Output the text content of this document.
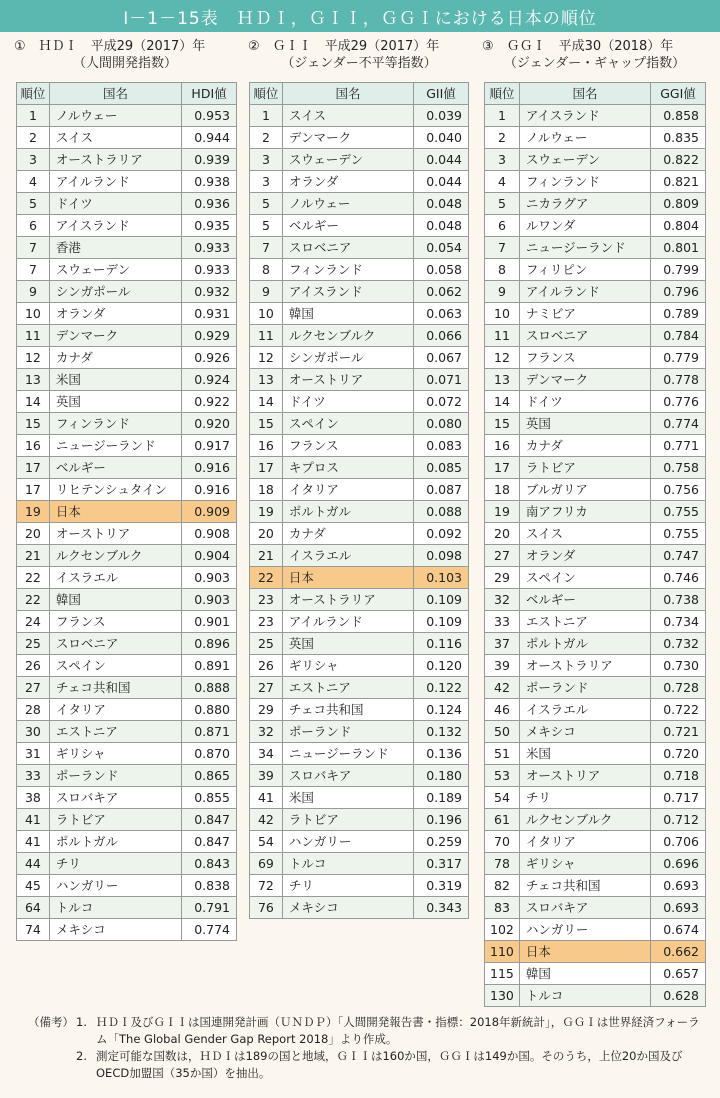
Ⅰ－1－15表　ＨＤＩ，ＧＩＩ，ＧＧＩにおける日本の順位
①　ＨＤＩ　平成29（2017）年
（人間開発指数）
順位	国名	HDI値
1	ノルウェー	0.953
2	スイス	0.944
3	オーストラリア	0.939
4	アイルランド	0.938
5	ドイツ	0.936
6	アイスランド	0.935
7	香港	0.933
7	スウェーデン	0.933
9	シンガポール	0.932
10	オランダ	0.931
11	デンマーク	0.929
12	カナダ	0.926
13	米国	0.924
14	英国	0.922
15	フィンランド	0.920
16	ニュージーランド	0.917
17	ベルギー	0.916
17	リヒテンシュタイン	0.916
19	日本	0.909
20	オーストリア	0.908
21	ルクセンブルク	0.904
22	イスラエル	0.903
22	韓国	0.903
24	フランス	0.901
25	スロベニア	0.896
26	スペイン	0.891
27	チェコ共和国	0.888
28	イタリア	0.880
30	エストニア	0.871
31	ギリシャ	0.870
33	ポーランド	0.865
38	スロバキア	0.855
41	ラトビア	0.847
41	ポルトガル	0.847
44	チリ	0.843
45	ハンガリー	0.838
64	トルコ	0.791
74	メキシコ	0.774
②　ＧＩＩ　平成29（2017）年
（ジェンダー不平等指数）
順位	国名	GII値
1	スイス	0.039
2	デンマーク	0.040
3	スウェーデン	0.044
3	オランダ	0.044
5	ノルウェー	0.048
5	ベルギー	0.048
7	スロベニア	0.054
8	フィンランド	0.058
9	アイスランド	0.062
10	韓国	0.063
11	ルクセンブルク	0.066
12	シンガポール	0.067
13	オーストリア	0.071
14	ドイツ	0.072
15	スペイン	0.080
16	フランス	0.083
17	キプロス	0.085
18	イタリア	0.087
19	ポルトガル	0.088
20	カナダ	0.092
21	イスラエル	0.098
22	日本	0.103
23	オーストラリア	0.109
23	アイルランド	0.109
25	英国	0.116
26	ギリシャ	0.120
27	エストニア	0.122
29	チェコ共和国	0.124
32	ポーランド	0.132
34	ニュージーランド	0.136
39	スロバキア	0.180
41	米国	0.189
42	ラトビア	0.196
54	ハンガリー	0.259
69	トルコ	0.317
72	チリ	0.319
76	メキシコ	0.343
③　ＧＧＩ　平成30（2018）年
（ジェンダー・ギャップ指数）
順位	国名	GGI値
1	アイスランド	0.858
2	ノルウェー	0.835
3	スウェーデン	0.822
4	フィンランド	0.821
5	ニカラグア	0.809
6	ルワンダ	0.804
7	ニュージーランド	0.801
8	フィリピン	0.799
9	アイルランド	0.796
10	ナミビア	0.789
11	スロベニア	0.784
12	フランス	0.779
13	デンマーク	0.778
14	ドイツ	0.776
15	英国	0.774
16	カナダ	0.771
17	ラトビア	0.758
18	ブルガリア	0.756
19	南アフリカ	0.755
20	スイス	0.755
27	オランダ	0.747
29	スペイン	0.746
32	ベルギー	0.738
33	エストニア	0.734
37	ポルトガル	0.732
39	オーストラリア	0.730
42	ポーランド	0.728
46	イスラエル	0.722
50	メキシコ	0.721
51	米国	0.720
53	オーストリア	0.718
54	チリ	0.717
61	ルクセンブルク	0.712
70	イタリア	0.706
78	ギリシャ	0.696
82	チェコ共和国	0.693
83	スロバキア	0.693
102	ハンガリー	0.674
110	日本	0.662
115	韓国	0.657
130	トルコ	0.628
（備考） 1. ＨＤＩ及びＧＩＩは国連開発計画（ＵＮＤＰ）「人間開発報告書・指標：2018年新統計」，ＧＧＩは世界経済フォーラム「The Global Gender Gap Report 2018」より作成。
2. 測定可能な国数は，ＨＤＩは189の国と地域，ＧＩＩは160か国，ＧＧＩは149か国。そのうち，上位20か国及びOECD加盟国（35か国）を抽出。
